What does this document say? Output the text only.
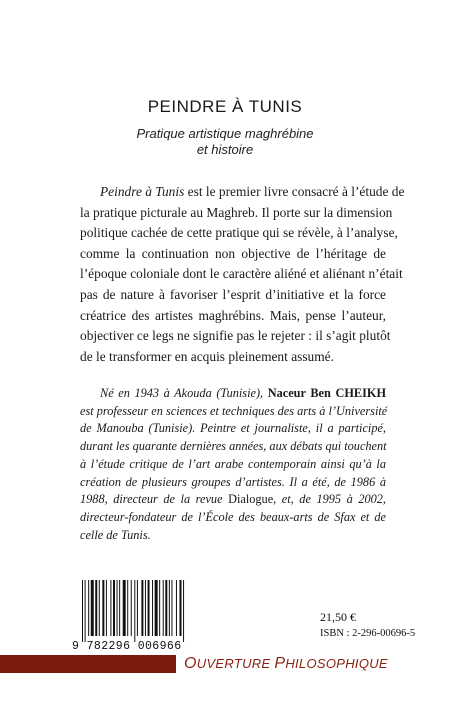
PEINDRE À TUNIS
Pratique artistique maghrébine
et histoire
Peindre à Tunis est le premier livre consacré à l’étude de
la pratique picturale au Maghreb. Il porte sur la dimension
politique cachée de cette pratique qui se révèle, à l’analyse,
comme la continuation non objective de l’héritage de
l’époque coloniale dont le caractère aliéné et aliénant n’était
pas de nature à favoriser l’esprit d’initiative et la force
créatrice des artistes maghrébins. Mais, pense l’auteur,
objectiver ce legs ne signifie pas le rejeter : il s’agit plutôt
de le transformer en acquis pleinement assumé.
Né en 1943 à Akouda (Tunisie), Naceur Ben CHEIKH
est professeur en sciences et techniques des arts à l’Université
de Manouba (Tunisie). Peintre et journaliste, il a participé,
durant les quarante dernières années, aux débats qui touchent
à l’étude critique de l’art arabe contemporain ainsi qu’à la
création de plusieurs groupes d’artistes. Il a été, de 1986 à
1988, directeur de la revue Dialogue, et, de 1995 à 2002,
directeur-fondateur de l’École des beaux-arts de Sfax et de
celle de Tunis.
9 782296 006966
21,50 €
ISBN : 2-296-00696-5
OUVERTURE PHILOSOPHIQUE
